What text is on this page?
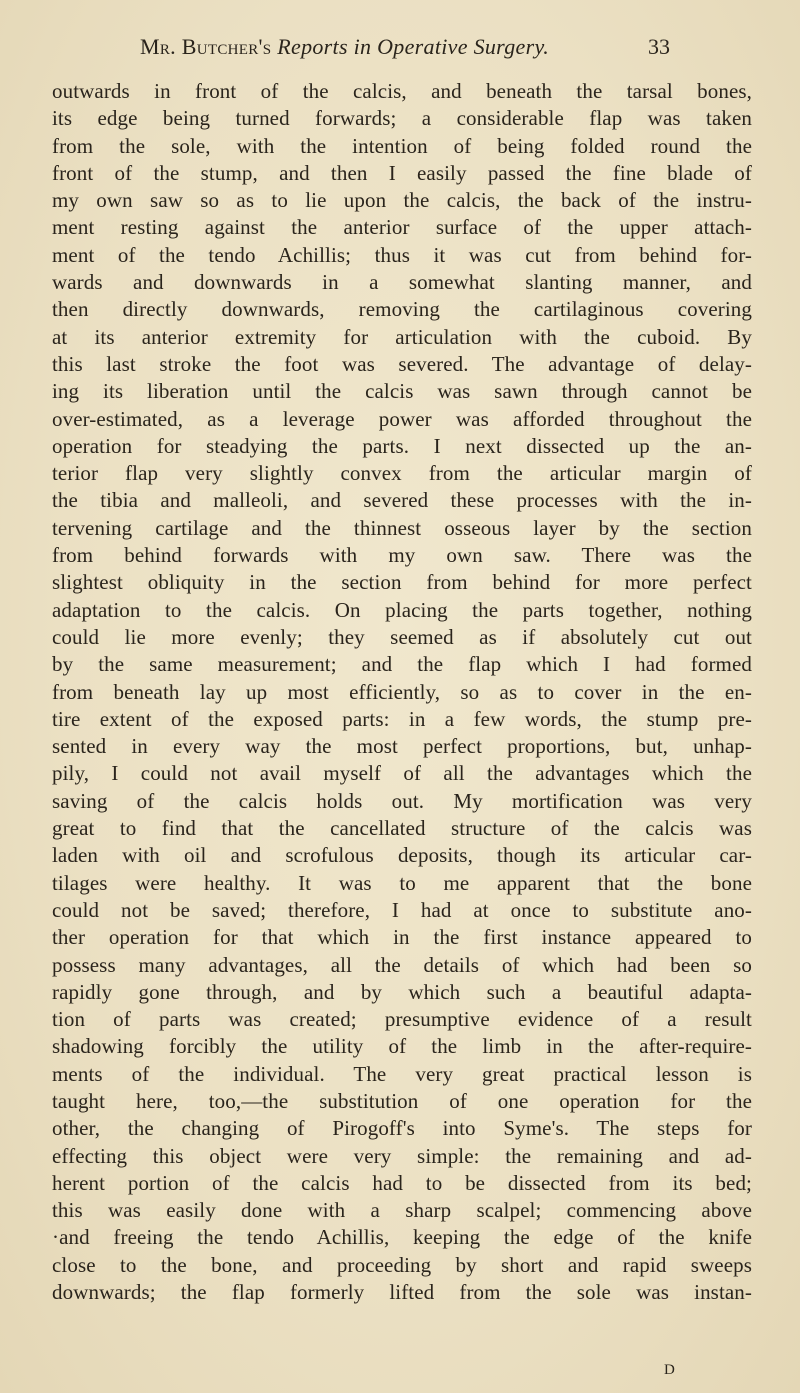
Mr. Butcher's Reports in Operative Surgery.	33
outwards in front of the calcis, and beneath the tarsal bones,
its edge being turned forwards; a considerable flap was taken
from the sole, with the intention of being folded round the
front of the stump, and then I easily passed the fine blade of
my own saw so as to lie upon the calcis, the back of the instru-
ment resting against the anterior surface of the upper attach-
ment of the tendo Achillis; thus it was cut from behind for-
wards and downwards in a somewhat slanting manner, and
then directly downwards, removing the cartilaginous covering
at its anterior extremity for articulation with the cuboid. By
this last stroke the foot was severed. The advantage of delay-
ing its liberation until the calcis was sawn through cannot be
over-estimated, as a leverage power was afforded throughout the
operation for steadying the parts. I next dissected up the an-
terior flap very slightly convex from the articular margin of
the tibia and malleoli, and severed these processes with the in-
tervening cartilage and the thinnest osseous layer by the section
from behind forwards with my own saw. There was the
slightest obliquity in the section from behind for more perfect
adaptation to the calcis. On placing the parts together, nothing
could lie more evenly; they seemed as if absolutely cut out
by the same measurement; and the flap which I had formed
from beneath lay up most efficiently, so as to cover in the en-
tire extent of the exposed parts: in a few words, the stump pre-
sented in every way the most perfect proportions, but, unhap-
pily, I could not avail myself of all the advantages which the
saving of the calcis holds out. My mortification was very
great to find that the cancellated structure of the calcis was
laden with oil and scrofulous deposits, though its articular car-
tilages were healthy. It was to me apparent that the bone
could not be saved; therefore, I had at once to substitute ano-
ther operation for that which in the first instance appeared to
possess many advantages, all the details of which had been so
rapidly gone through, and by which such a beautiful adapta-
tion of parts was created; presumptive evidence of a result
shadowing forcibly the utility of the limb in the after-require-
ments of the individual. The very great practical lesson is
taught here, too,—the substitution of one operation for the
other, the changing of Pirogoff's into Syme's. The steps for
effecting this object were very simple: the remaining and ad-
herent portion of the calcis had to be dissected from its bed;
this was easily done with a sharp scalpel; commencing above
·and freeing the tendo Achillis, keeping the edge of the knife
close to the bone, and proceeding by short and rapid sweeps
downwards; the flap formerly lifted from the sole was instan-
D
